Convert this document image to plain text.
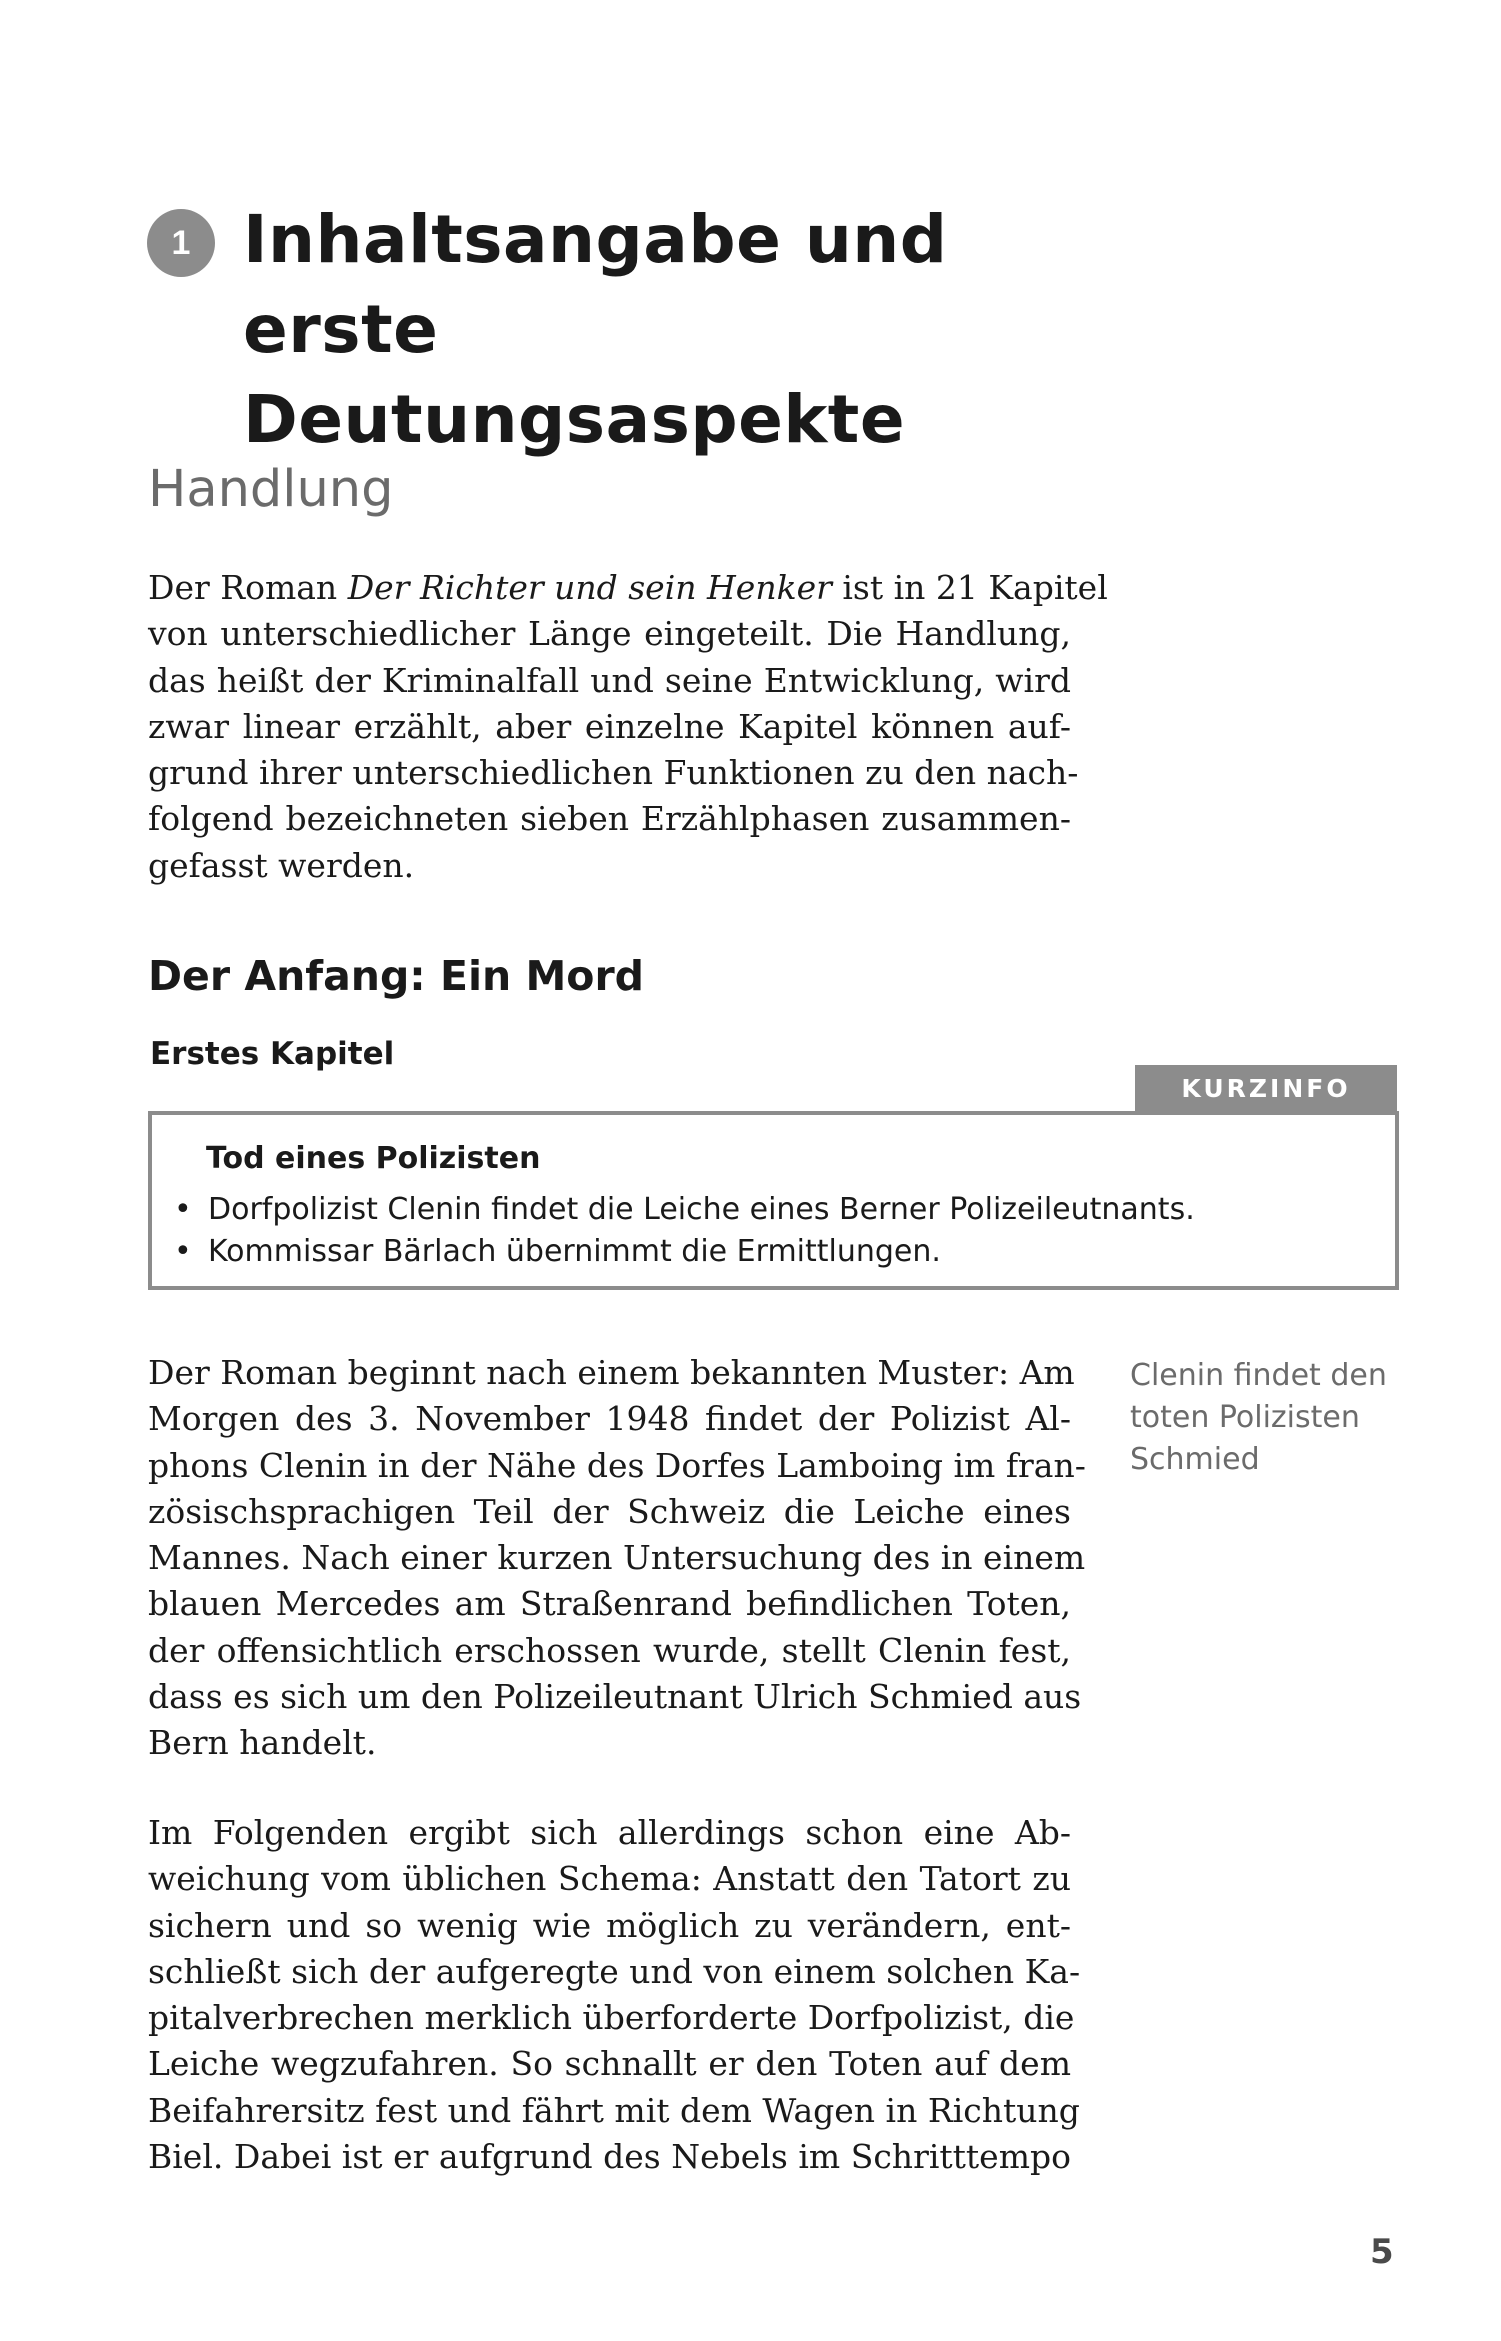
1 Inhaltsangabe und erste
Deutungsaspekte
Handlung
Der Roman Der Richter und sein Henker ist in 21 Kapitel
von unterschiedlicher Länge eingeteilt. Die Handlung,
das heißt der Kriminalfall und seine Entwicklung, wird
zwar linear erzählt, aber einzelne Kapitel können auf-
grund ihrer unterschiedlichen Funktionen zu den nach-
folgend bezeichneten sieben Erzählphasen zusammen-
gefasst werden.
Der Anfang: Ein Mord
Erstes Kapitel
KURZINFO
Tod eines Polizisten
• Dorfpolizist Clenin findet die Leiche eines Berner Polizeileutnants.
• Kommissar Bärlach übernimmt die Ermittlungen.
Der Roman beginnt nach einem bekannten Muster: Am
Morgen des 3. November 1948 findet der Polizist Al-
phons Clenin in der Nähe des Dorfes Lamboing im fran-
zösischsprachigen Teil der Schweiz die Leiche eines
Mannes. Nach einer kurzen Untersuchung des in einem
blauen Mercedes am Straßenrand befindlichen Toten,
der offensichtlich erschossen wurde, stellt Clenin fest,
dass es sich um den Polizeileutnant Ulrich Schmied aus
Bern handelt.
Clenin findet den
toten Polizisten
Schmied
Im Folgenden ergibt sich allerdings schon eine Ab-
weichung vom üblichen Schema: Anstatt den Tatort zu
sichern und so wenig wie möglich zu verändern, ent-
schließt sich der aufgeregte und von einem solchen Ka-
pitalverbrechen merklich überforderte Dorfpolizist, die
Leiche wegzufahren. So schnallt er den Toten auf dem
Beifahrersitz fest und fährt mit dem Wagen in Richtung
Biel. Dabei ist er aufgrund des Nebels im Schritttempo
5
